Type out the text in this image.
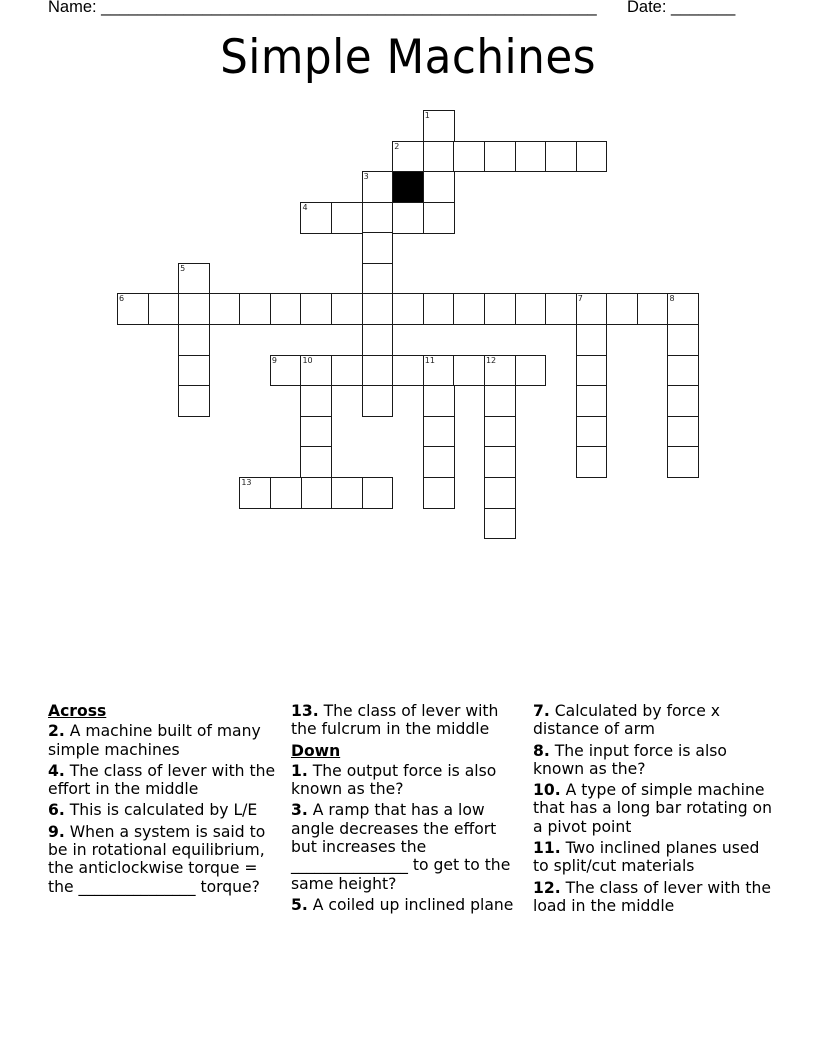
Name: ______________________________________________________ Date: _______
Simple Machines
1
2
3
4
5
6	7	8
9	10	11	12
13
Across
2. A machine built of many simple machines
4. The class of lever with the effort in the middle
6. This is calculated by L/E
9. When a system is said to be in rotational equilibrium, the anticlockwise torque = the _______________ torque?
13. The class of lever with the fulcrum in the middle
Down
1. The output force is also known as the?
3. A ramp that has a low angle decreases the effort but increases the _______________ to get to the same height?
5. A coiled up inclined plane
7. Calculated by force x distance of arm
8. The input force is also known as the?
10. A type of simple machine that has a long bar rotating on a pivot point
11. Two inclined planes used to split/cut materials
12. The class of lever with the load in the middle
